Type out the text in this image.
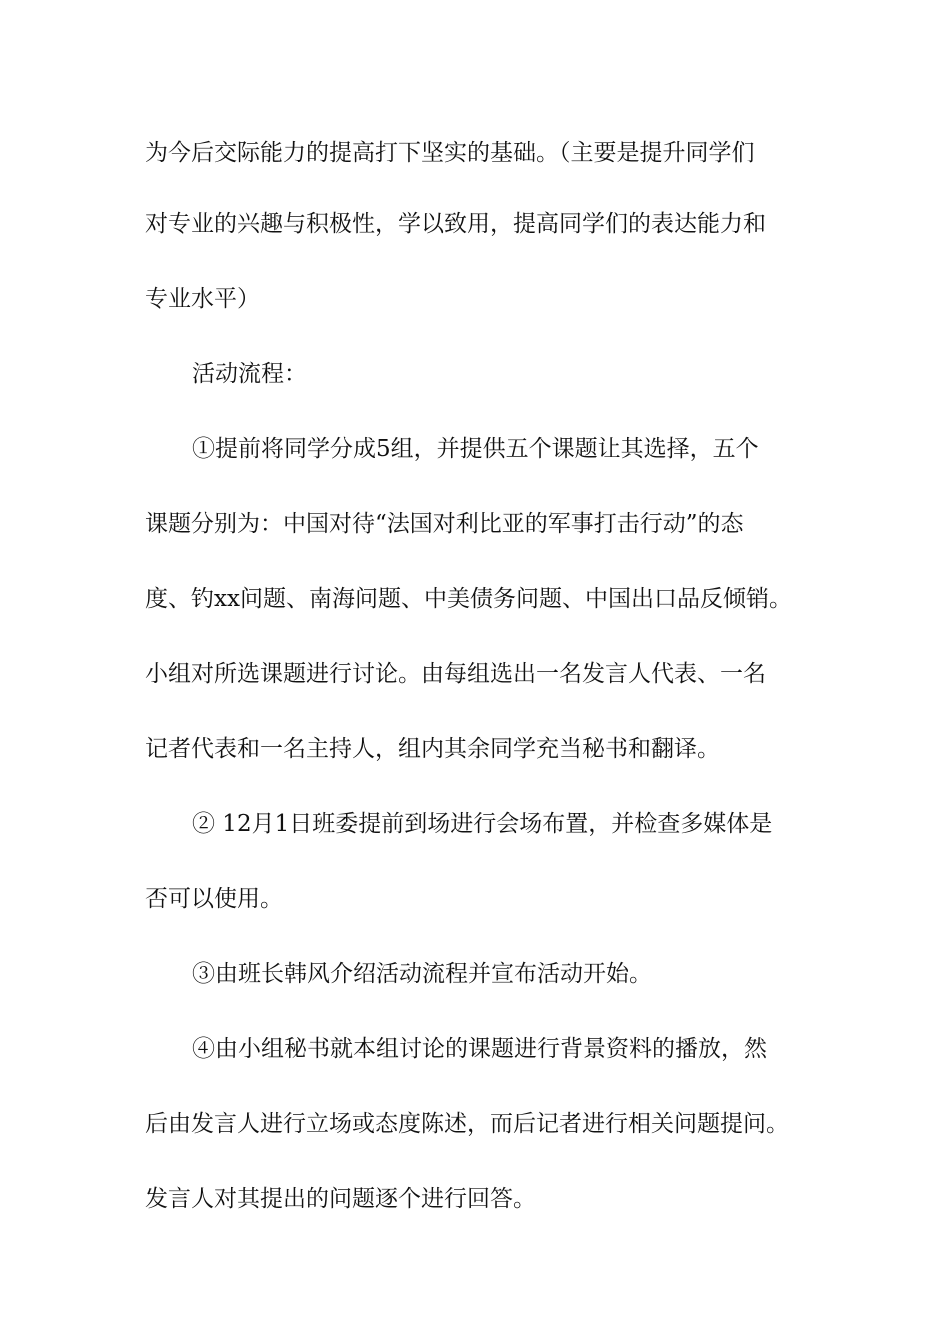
为今后交际能力的提高打下坚实的基础。（主要是提升同学们
对专业的兴趣与积极性，学以致用，提高同学们的表达能力和
专业水平）
活动流程：
①提前将同学分成5组，并提供五个课题让其选择，五个
课题分别为：中国对待“法国对利比亚的军事打击行动”的态
度、钓xx问题、南海问题、中美债务问题、中国出口品反倾销。
小组对所选课题进行讨论。由每组选出一名发言人代表、一名
记者代表和一名主持人，组内其余同学充当秘书和翻译。
② 12月1日班委提前到场进行会场布置，并检查多媒体是
否可以使用。
③由班长韩风介绍活动流程并宣布活动开始。
④由小组秘书就本组讨论的课题进行背景资料的播放，然
后由发言人进行立场或态度陈述，而后记者进行相关问题提问。
发言人对其提出的问题逐个进行回答。
